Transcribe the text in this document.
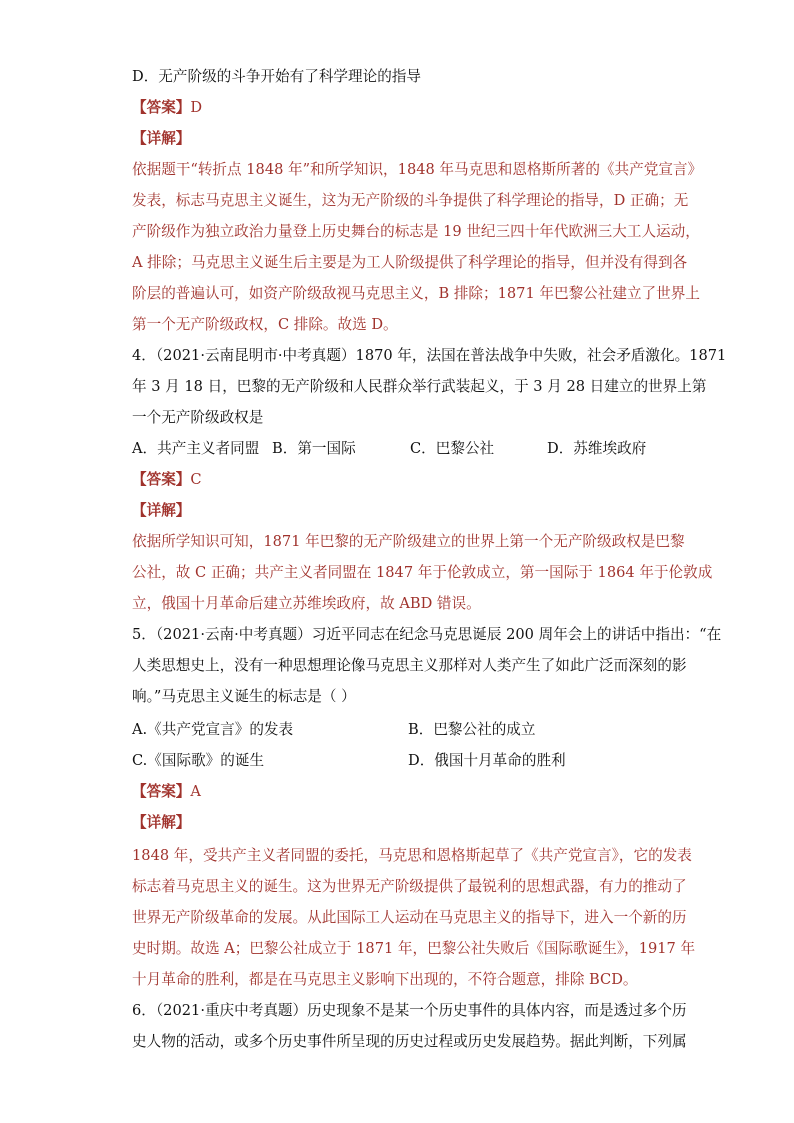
D．无产阶级的斗争开始有了科学理论的指导
【答案】D
【详解】
依据题干“转折点 1848 年”和所学知识，1848 年马克思和恩格斯所著的《共产党宣言》
发表，标志马克思主义诞生，这为无产阶级的斗争提供了科学理论的指导，D 正确；无
产阶级作为独立政治力量登上历史舞台的标志是 19 世纪三四十年代欧洲三大工人运动，
A 排除；马克思主义诞生后主要是为工人阶级提供了科学理论的指导，但并没有得到各
阶层的普遍认可，如资产阶级敌视马克思主义，B 排除；1871 年巴黎公社建立了世界上
第一个无产阶级政权，C 排除。故选 D。
4．（2021·云南昆明市·中考真题）1870 年，法国在普法战争中失败，社会矛盾激化。1871
年 3 月 18 日，巴黎的无产阶级和人民群众举行武装起义，于 3 月 28 日建立的世界上第
一个无产阶级政权是
A．共产主义者同盟 B．第一国际	C．巴黎公社	D．苏维埃政府
【答案】C
【详解】
依据所学知识可知，1871 年巴黎的无产阶级建立的世界上第一个无产阶级政权是巴黎
公社，故 C 正确；共产主义者同盟在 1847 年于伦敦成立，第一国际于 1864 年于伦敦成
立，俄国十月革命后建立苏维埃政府，故 ABD 错误。
5．（2021·云南·中考真题）习近平同志在纪念马克思诞辰 200 周年会上的讲话中指出：“在
人类思想史上，没有一种思想理论像马克思主义那样对人类产生了如此广泛而深刻的影
响。”马克思主义诞生的标志是（ ）
A.《共产党宣言》的发表	B．巴黎公社的成立
C.《国际歌》的诞生	D．俄国十月革命的胜利
【答案】A
【详解】
1848 年，受共产主义者同盟的委托，马克思和恩格斯起草了《共产党宣言》，它的发表
标志着马克思主义的诞生。这为世界无产阶级提供了最锐利的思想武器，有力的推动了
世界无产阶级革命的发展。从此国际工人运动在马克思主义的指导下，进入一个新的历
史时期。故选 A；巴黎公社成立于 1871 年，巴黎公社失败后《国际歌诞生》，1917 年
十月革命的胜利，都是在马克思主义影响下出现的，不符合题意，排除 BCD。
6．（2021·重庆中考真题）历史现象不是某一个历史事件的具体内容，而是透过多个历
史人物的活动，或多个历史事件所呈现的历史过程或历史发展趋势。据此判断，下列属
